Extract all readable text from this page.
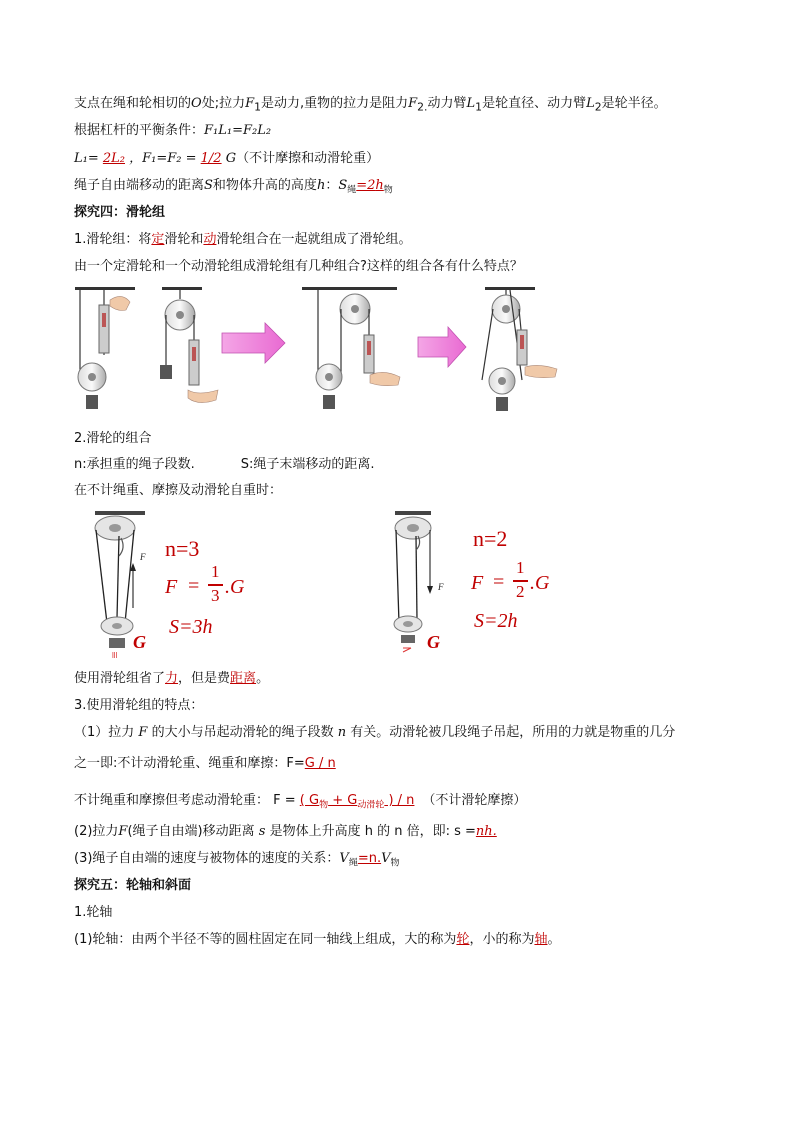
支点在绳和轮相切的O处;拉力$F_1$是动力,重物的拉力是阻力$F_{2.}$动力臂$L_1$是轮直径、动力臂$L_2$是轮半径。
根据杠杆的平衡条件：F₁L₁=F₂L₂
L₁= 2L₂ ，F₁=F₂ = 1/2 G（不计摩擦和动滑轮重）
绳子自由端移动的距离S和物体升高的高度h：$S_绳=2h_物$
探究四：滑轮组
1.滑轮组：将定滑轮和动滑轮组合在一起就组成了滑轮组。
由一个定滑轮和一个动滑轮组成滑轮组有几种组合?这样的组合各有什么特点？
2.滑轮的组合
n:承担重的绳子段数.	S:绳子末端移动的距离.
在不计绳重、摩擦及动滑轮自重时：
lll
F
G
n=3
F =
1
3 .G
S=3h
F
G
n=2
F =
1
2 .G
S=2h
使用滑轮组省了力，但是费距离。
3.使用滑轮组的特点：
（1）拉力 F 的大小与吊起动滑轮的绳子段数 n 有关。动滑轮被几段绳子吊起，所用的力就是物重的几分
之一即:不计动滑轮重、绳重和摩擦：F=G / n
不计绳重和摩擦但考虑动滑轮重： F = ( $G_物 + G_{动滑轮}$ ) / n （不计滑轮摩擦）
(2)拉力F(绳子自由端)移动距离 s 是物体上升高度 h 的 n 倍，即: s =nh.
(3)绳子自由端的速度与被物体的速度的关系：$V_绳=n.V_物$
探究五：轮轴和斜面
1.轮轴
(1)轮轴：由两个半径不等的圆柱固定在同一轴线上组成，大的称为轮，小的称为轴。
